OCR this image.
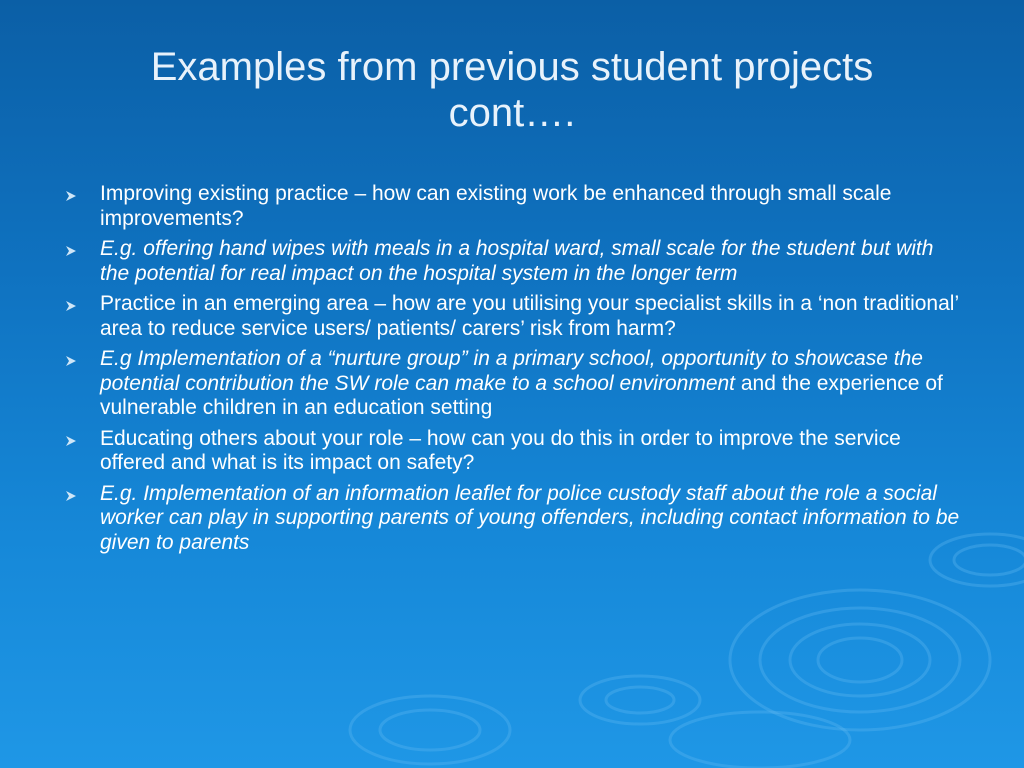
Examples from previous student projects
cont….
Improving existing practice – how can existing work be enhanced through small scale improvements?
E.g. offering hand wipes with meals in a hospital ward, small scale for the student but with the potential for real impact on the hospital system in the longer term
Practice in an emerging area – how are you utilising your specialist skills in a ‘non traditional’ area to reduce service users/ patients/ carers’ risk from harm?
E.g Implementation of a “nurture group” in a primary school, opportunity to showcase the potential contribution the SW role can make to a school environment and the experience of vulnerable children in an education setting
Educating others about your role – how can you do this in order to improve the service offered and what is its impact on safety?
E.g. Implementation of an information leaflet for police custody staff about the role a social worker can play in supporting parents of young offenders, including contact information to be given to parents
